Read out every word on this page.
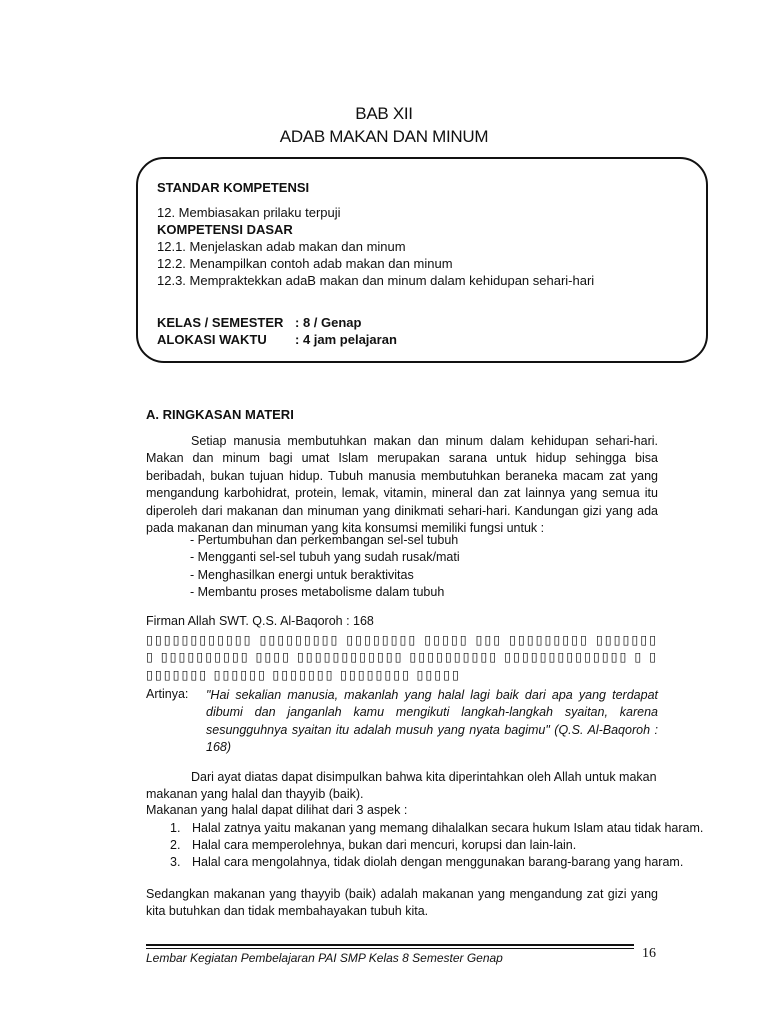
BAB XII
ADAB MAKAN DAN MINUM
STANDAR KOMPETENSI
12. Membiasakan prilaku terpuji
KOMPETENSI DASAR
12.1. Menjelaskan adab makan dan minum
12.2. Menampilkan contoh adab makan dan minum
12.3. Mempraktekkan adaB makan dan minum dalam kehidupan sehari-hari
KELAS / SEMESTER : 8 / Genap
ALOKASI WAKTU : 4 jam pelajaran
A. RINGKASAN MATERI

Setiap manusia membutuhkan makan dan minum dalam kehidupan sehari-hari. Makan dan minum bagi umat Islam merupakan sarana untuk hidup sehingga bisa beribadah, bukan tujuan hidup. Tubuh manusia membutuhkan beraneka macam zat yang mengandung karbohidrat, protein, lemak, vitamin, mineral dan zat lainnya yang semua itu diperoleh dari makanan dan minuman yang dinikmati sehari-hari. Kandungan gizi yang ada pada makanan dan minuman yang kita konsumsi memiliki fungsi untuk :

- Pertumbuhan dan perkembangan sel-sel tubuh
- Mengganti sel-sel tubuh yang sudah rusak/mati
- Menghasilkan energi untuk beraktivitas
- Membantu proses metabolisme dalam tubuh
Firman Allah SWT. Q.S. Al-Baqoroh : 168
▯▯▯▯▯▯▯▯▯▯▯▯ ▯▯▯▯▯▯▯▯▯ ▯▯▯▯▯▯▯▯ ▯▯▯▯▯ ▯▯▯ ▯▯▯▯▯▯▯▯▯ ▯▯▯▯▯▯▯▯ ▯▯▯▯▯▯▯▯▯▯ ▯▯▯▯ ▯▯▯▯▯▯▯▯▯▯▯▯ ▯▯▯▯▯▯▯▯▯▯ ▯▯▯▯▯▯▯▯▯▯▯▯▯▯ ▯ ▯▯▯▯▯▯▯▯ ▯▯▯▯▯▯ ▯▯▯▯▯▯▯ ▯▯▯▯▯▯▯▯ ▯▯▯▯▯
Artinya: "Hai sekalian manusia, makanlah yang halal lagi baik dari apa yang terdapat dibumi dan janganlah kamu mengikuti langkah-langkah syaitan, karena sesungguhnya syaitan itu adalah musuh yang nyata bagimu" (Q.S. Al-Baqoroh : 168)
Dari ayat diatas dapat disimpulkan bahwa kita diperintahkan oleh Allah untuk makan
makanan yang halal dan thayyib (baik).
Makanan yang halal dapat dilihat dari 3 aspek :
1. Halal zatnya yaitu makanan yang memang dihalalkan secara hukum Islam atau tidak haram.
2. Halal cara memperolehnya, bukan dari mencuri, korupsi dan lain-lain.
3. Halal cara mengolahnya, tidak diolah dengan menggunakan barang-barang yang haram.

Sedangkan makanan yang thayyib (baik) adalah makanan yang mengandung zat gizi yang kita butuhkan dan tidak membahayakan tubuh kita.

Lembar Kegiatan Pembelajaran PAI SMP Kelas 8 Semester Genap	16
